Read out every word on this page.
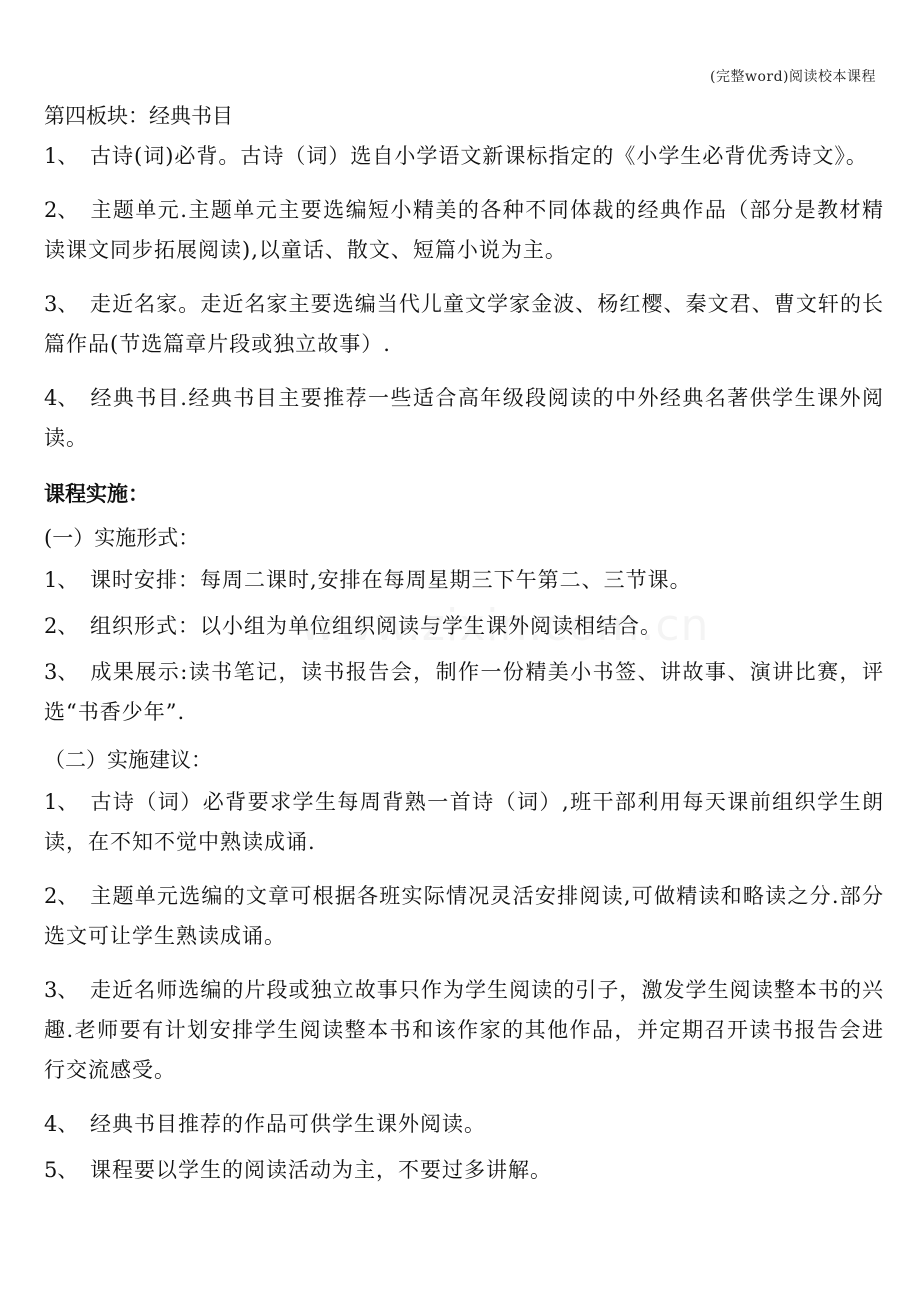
(完整word)阅读校本课程

第四板块：经典书目

1、 古诗(词)必背。古诗（词）选自小学语文新课标指定的《小学生必背优秀诗文》。

2、 主题单元.主题单元主要选编短小精美的各种不同体裁的经典作品（部分是教材精读课文同步拓展阅读),以童话、散文、短篇小说为主。

3、 走近名家。走近名家主要选编当代儿童文学家金波、杨红樱、秦文君、曹文轩的长篇作品(节选篇章片段或独立故事）.

4、 经典书目.经典书目主要推荐一些适合高年级段阅读的中外经典名著供学生课外阅读。

课程实施：

(一）实施形式：

1、 课时安排：每周二课时,安排在每周星期三下午第二、三节课。

2、 组织形式：以小组为单位组织阅读与学生课外阅读相结合。

3、 成果展示:读书笔记，读书报告会，制作一份精美小书签、讲故事、演讲比赛，评选“书香少年”.

（二）实施建议：

1、 古诗（词）必背要求学生每周背熟一首诗（词）,班干部利用每天课前组织学生朗读，在不知不觉中熟读成诵.

2、 主题单元选编的文章可根据各班实际情况灵活安排阅读,可做精读和略读之分.部分选文可让学生熟读成诵。

3、 走近名师选编的片段或独立故事只作为学生阅读的引子，激发学生阅读整本书的兴趣.老师要有计划安排学生阅读整本书和该作家的其他作品，并定期召开读书报告会进行交流感受。

4、 经典书目推荐的作品可供学生课外阅读。

5、 课程要以学生的阅读活动为主，不要过多讲解。
